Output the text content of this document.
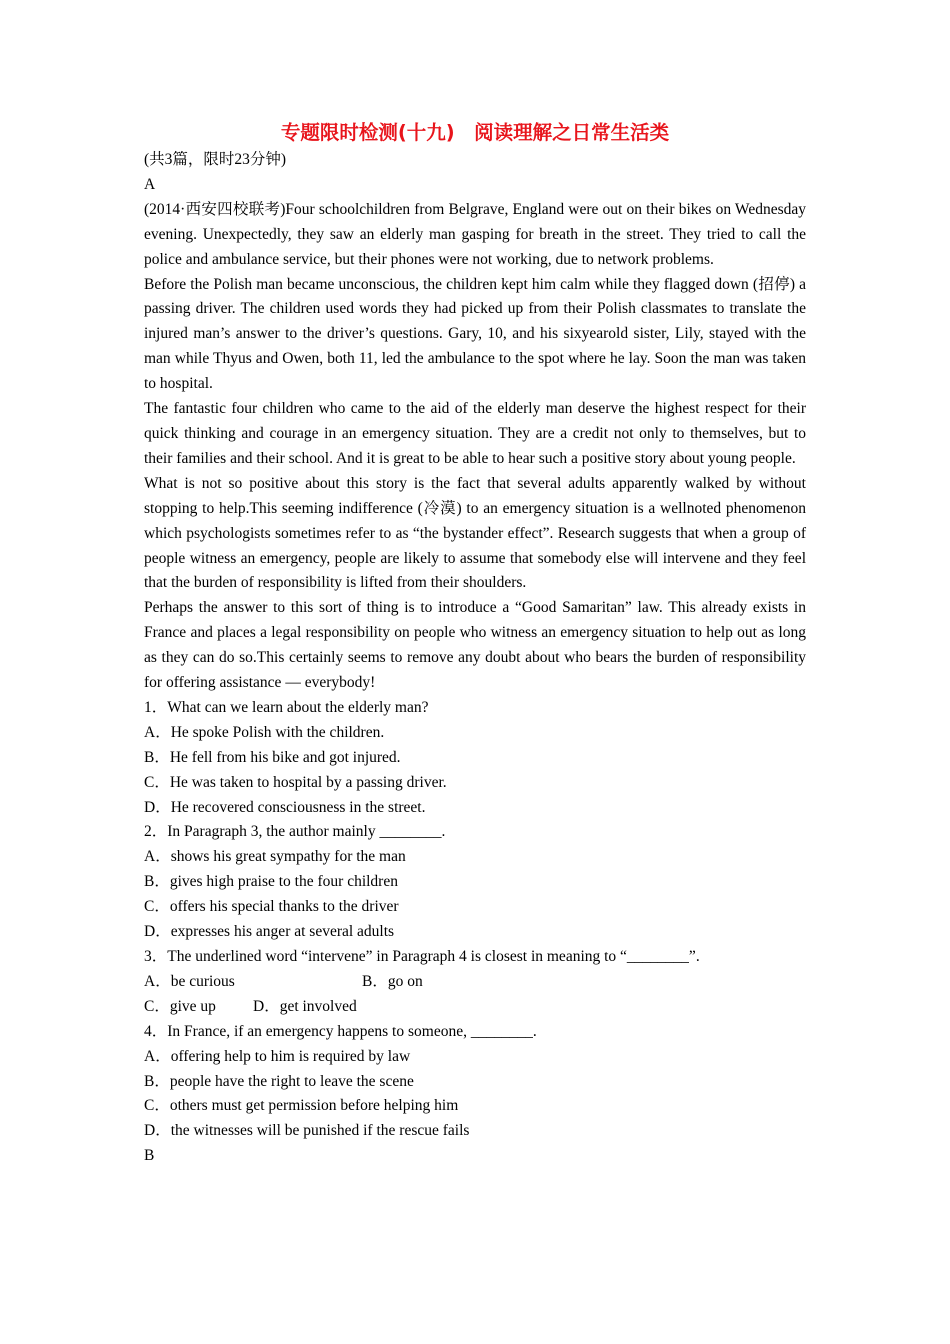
专题限时检测(十九)　阅读理解之日常生活类
(共3篇，限时23分钟)
A
(2014·西安四校联考)Four schoolchildren from Belgrave, England were out on their bikes on Wednesday evening. Unexpectedly, they saw an elderly man gasping for breath in the street. They tried to call the police and ambulance service, but their phones were not working, due to network problems.
Before the Polish man became unconscious, the children kept him calm while they flagged down (招停) a passing driver. The children used words they had picked up from their Polish classmates to translate the injured man’s answer to the driver’s questions. Gary, 10, and his sixyearold sister, Lily, stayed with the man while Thyus and Owen, both 11, led the ambulance to the spot where he lay. Soon the man was taken to hospital.
The fantastic four children who came to the aid of the elderly man deserve the highest respect for their quick thinking and courage in an emergency situation. They are a credit not only to themselves, but to their families and their school. And it is great to be able to hear such a positive story about young people.
What is not so positive about this story is the fact that several adults apparently walked by without stopping to help.This seeming indifference (冷漠) to an emergency situation is a wellnoted phenomenon which psychologists sometimes refer to as “the bystander effect”. Research suggests that when a group of people witness an emergency, people are likely to assume that somebody else will intervene and they feel that the burden of responsibility is lifted from their shoulders.
Perhaps the answer to this sort of thing is to introduce a “Good Samaritan” law. This already exists in France and places a legal responsibility on people who witness an emergency situation to help out as long as they can do so.This certainly seems to remove any doubt about who bears the burden of responsibility for offering assistance — everybody!
1．What can we learn about the elderly man?
A．He spoke Polish with the children.
B．He fell from his bike and got injured.
C．He was taken to hospital by a passing driver.
D．He recovered consciousness in the street.
2．In Paragraph 3, the author mainly ________.
A．shows his great sympathy for the man
B．gives high praise to the four children
C．offers his special thanks to the driver
D．expresses his anger at several adults
3．The underlined word “intervene” in Paragraph 4 is closest in meaning to “________”.
A．be curious	B．go on
C．give up	D．get involved
4．In France, if an emergency happens to someone, ________.
A．offering help to him is required by law
B．people have the right to leave the scene
C．others must get permission before helping him
D．the witnesses will be punished if the rescue fails
B
